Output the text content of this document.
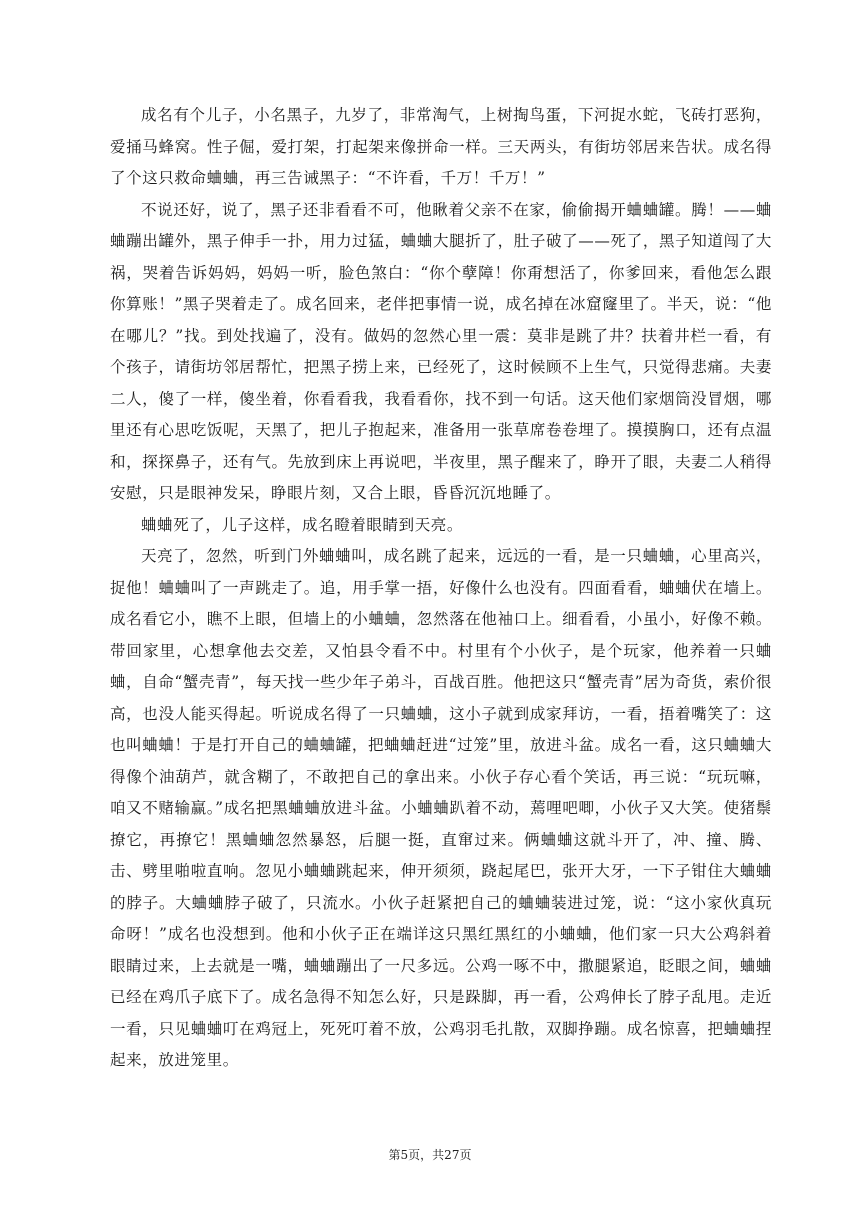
成名有个儿子，小名黑子，九岁了，非常淘气，上树掏鸟蛋，下河捉水蛇，飞砖打恶狗，爱捅马蜂窝。性子倔，爱打架，打起架来像拼命一样。三天两头，有街坊邻居来告状。成名得了个这只救命蛐蛐，再三告诫黑子：“不许看，千万！千万！”

不说还好，说了，黑子还非看看不可，他瞅着父亲不在家，偷偷揭开蛐蛐罐。腾！——蛐蛐蹦出罐外，黑子伸手一扑，用力过猛，蛐蛐大腿折了，肚子破了——死了，黑子知道闯了大祸，哭着告诉妈妈，妈妈一听，脸色煞白：“你个孽障！你甭想活了，你爹回来，看他怎么跟你算账！”黑子哭着走了。成名回来，老伴把事情一说，成名掉在冰窟窿里了。半天，说：“他在哪儿？”找。到处找遍了，没有。做妈的忽然心里一震：莫非是跳了井？扶着井栏一看，有个孩子，请街坊邻居帮忙，把黑子捞上来，已经死了，这时候顾不上生气，只觉得悲痛。夫妻二人，傻了一样，傻坐着，你看看我，我看看你，找不到一句话。这天他们家烟筒没冒烟，哪里还有心思吃饭呢，天黑了，把儿子抱起来，准备用一张草席卷卷埋了。摸摸胸口，还有点温和，探探鼻子，还有气。先放到床上再说吧，半夜里，黑子醒来了，睁开了眼，夫妻二人稍得安慰，只是眼神发呆，睁眼片刻，又合上眼，昏昏沉沉地睡了。

蛐蛐死了，儿子这样，成名瞪着眼睛到天亮。

天亮了，忽然，听到门外蛐蛐叫，成名跳了起来，远远的一看，是一只蛐蛐，心里高兴，捉他！蛐蛐叫了一声跳走了。追，用手掌一捂，好像什么也没有。四面看看，蛐蛐伏在墙上。成名看它小，瞧不上眼，但墙上的小蛐蛐，忽然落在他袖口上。细看看，小虽小，好像不赖。带回家里，心想拿他去交差，又怕县令看不中。村里有个小伙子，是个玩家，他养着一只蛐蛐，自命“蟹壳青”，每天找一些少年子弟斗，百战百胜。他把这只“蟹壳青”居为奇货，索价很高，也没人能买得起。听说成名得了一只蛐蛐，这小子就到成家拜访，一看，捂着嘴笑了：这也叫蛐蛐！于是打开自己的蛐蛐罐，把蛐蛐赶进“过笼”里，放进斗盆。成名一看，这只蛐蛐大得像个油葫芦，就含糊了，不敢把自己的拿出来。小伙子存心看个笑话，再三说：“玩玩嘛，咱又不赌输赢。”成名把黑蛐蛐放进斗盆。小蛐蛐趴着不动，蔫哩吧唧，小伙子又大笑。使猪鬃撩它，再撩它！黑蛐蛐忽然暴怒，后腿一挺，直窜过来。俩蛐蛐这就斗开了，冲、撞、腾、击、劈里啪啦直响。忽见小蛐蛐跳起来，伸开须须，跷起尾巴，张开大牙，一下子钳住大蛐蛐的脖子。大蛐蛐脖子破了，只流水。小伙子赶紧把自己的蛐蛐装进过笼，说：“这小家伙真玩命呀！”成名也没想到。他和小伙子正在端详这只黑红黑红的小蛐蛐，他们家一只大公鸡斜着眼睛过来，上去就是一嘴，蛐蛐蹦出了一尺多远。公鸡一啄不中，撒腿紧追，眨眼之间，蛐蛐已经在鸡爪子底下了。成名急得不知怎么好，只是跺脚，再一看，公鸡伸长了脖子乱甩。走近一看，只见蛐蛐叮在鸡冠上，死死叮着不放，公鸡羽毛扎散，双脚挣蹦。成名惊喜，把蛐蛐捏起来，放进笼里。

第5页，共27页
